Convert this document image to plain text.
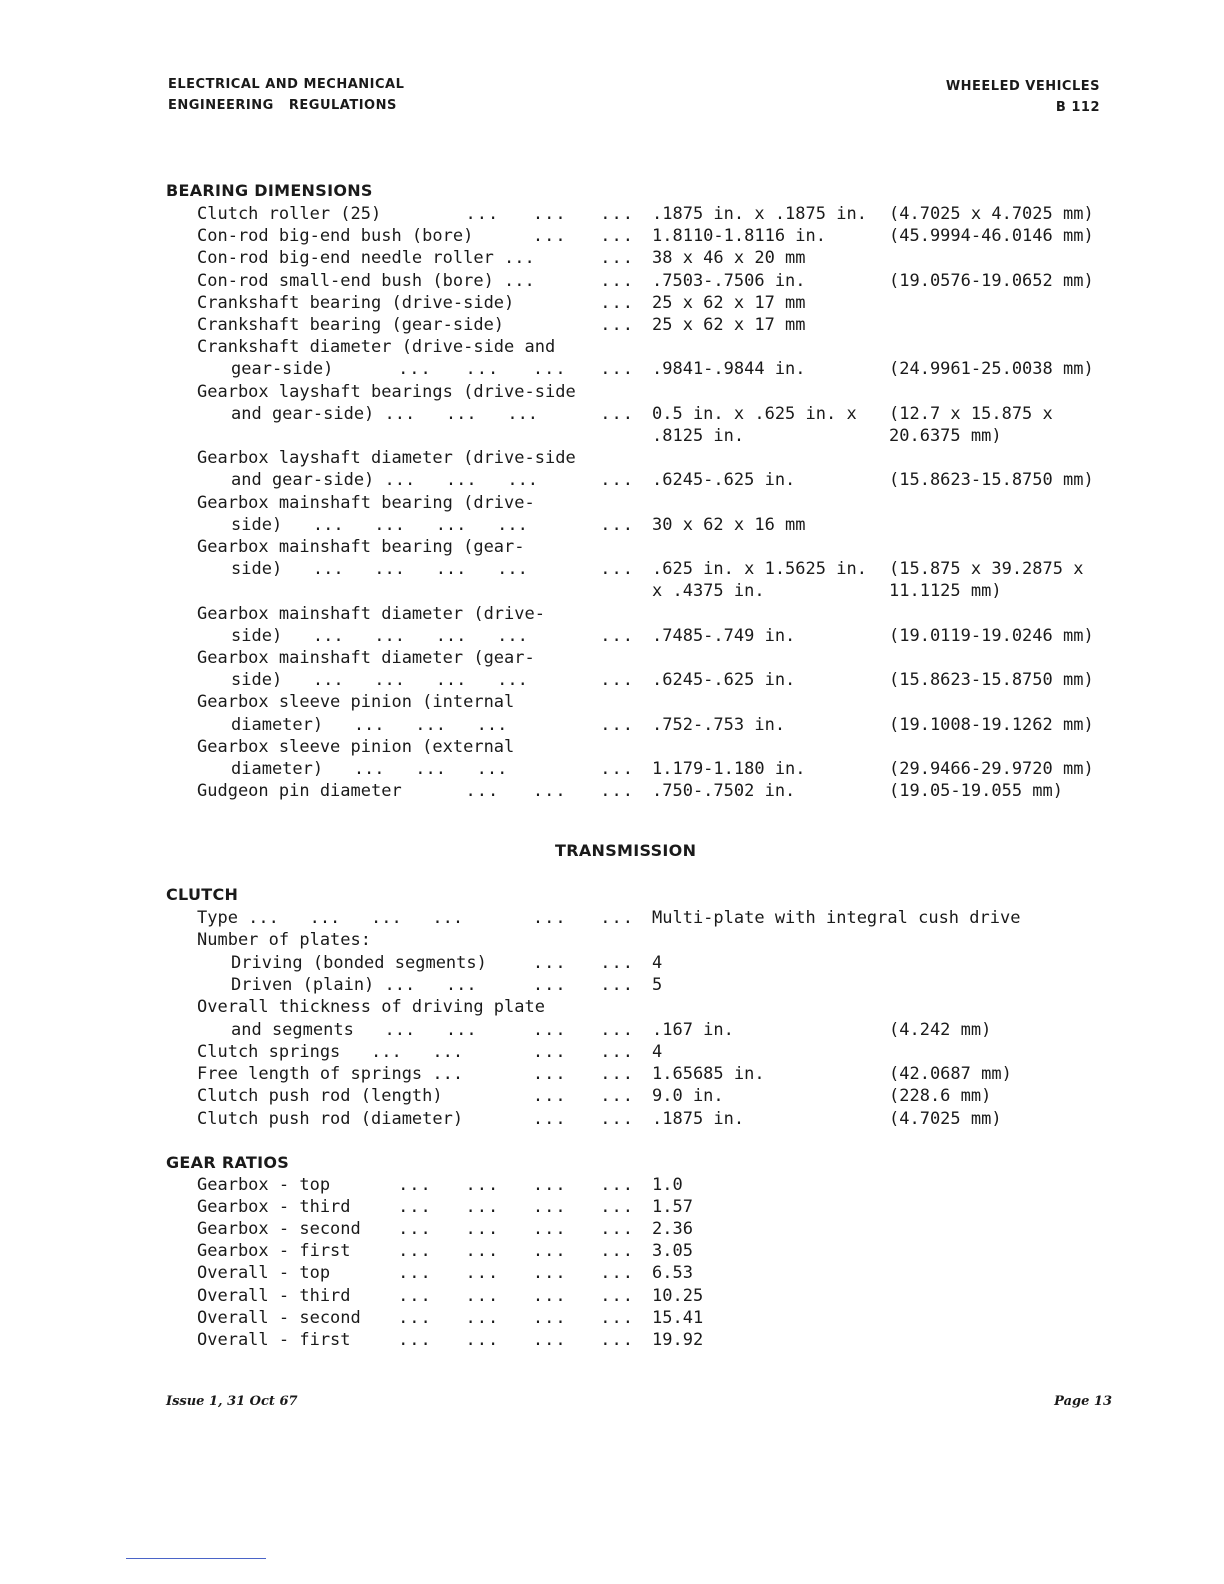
ELECTRICAL AND MECHANICAL
ENGINEERING   REGULATIONS
WHEELED VEHICLES
B 112
BEARING DIMENSIONS
Clutch roller (25)	...   ...   ... .1875 in. x .1875 in. (4.7025 x 4.7025 mm)
Con-rod big-end bush (bore)	...   ... 1.8110-1.8116 in.	(45.9994-46.0146 mm)
Con-rod big-end needle roller ...	... 38 x 46 x 20 mm
Con-rod small-end bush (bore) ...	... .7503-.7506 in.	(19.0576-19.0652 mm)
Crankshaft bearing (drive-side)	... 25 x 62 x 17 mm
Crankshaft bearing (gear-side)	... 25 x 62 x 17 mm
Crankshaft diameter (drive-side and
gear-side)	...   ...   ...   ... .9841-.9844 in.	(24.9961-25.0038 mm)
Gearbox layshaft bearings (drive-side
and gear-side) ...   ...   ...	... 0.5 in. x .625 in. x (12.7 x 15.875 x
.8125 in.	20.6375 mm)
Gearbox layshaft diameter (drive-side
and gear-side) ...   ...   ...	... .6245-.625 in.	(15.8623-15.8750 mm)
Gearbox mainshaft bearing (drive-
side)   ...   ...   ...   ...	... 30 x 62 x 16 mm
Gearbox mainshaft bearing (gear-
side)   ...   ...   ...   ...	... .625 in. x 1.5625 in. (15.875 x 39.2875 x
x .4375 in.	11.1125 mm)
Gearbox mainshaft diameter (drive-
side)   ...   ...   ...   ...	... .7485-.749 in.	(19.0119-19.0246 mm)
Gearbox mainshaft diameter (gear-
side)   ...   ...   ...   ...	... .6245-.625 in.	(15.8623-15.8750 mm)
Gearbox sleeve pinion (internal
diameter)   ...   ...   ...	... .752-.753 in.	(19.1008-19.1262 mm)
Gearbox sleeve pinion (external
diameter)   ...   ...   ...	... 1.179-1.180 in.	(29.9466-29.9720 mm)
Gudgeon pin diameter	...   ...   ... .750-.7502 in.	(19.05-19.055 mm)
TRANSMISSION
CLUTCH
Type ...   ...   ...   ...	...   ... Multi-plate with integral cush drive
Number of plates:
Driving (bonded segments)	...   ... 4
Driven (plain) ...   ...	...   ... 5
Overall thickness of driving plate
and segments   ...   ...	...   ... .167 in.	(4.242 mm)
Clutch springs   ...   ...	...   ... 4
Free length of springs ...	...   ... 1.65685 in.	(42.0687 mm)
Clutch push rod (length)	...   ... 9.0 in.	(228.6 mm)
Clutch push rod (diameter)	...   ... .1875 in.	(4.7025 mm)
GEAR RATIOS
Gearbox - top	...   ...   ...   ... 1.0
Gearbox - third	...   ...   ...   ... 1.57
Gearbox - second ...   ...   ...   ... 2.36
Gearbox - first	...   ...   ...   ... 3.05
Overall - top	...   ...   ...   ... 6.53
Overall - third	...   ...   ...   ... 10.25
Overall - second ...   ...   ...   ... 15.41
Overall - first	...   ...   ...   ... 19.92
Issue 1, 31 Oct 67	Page 13
